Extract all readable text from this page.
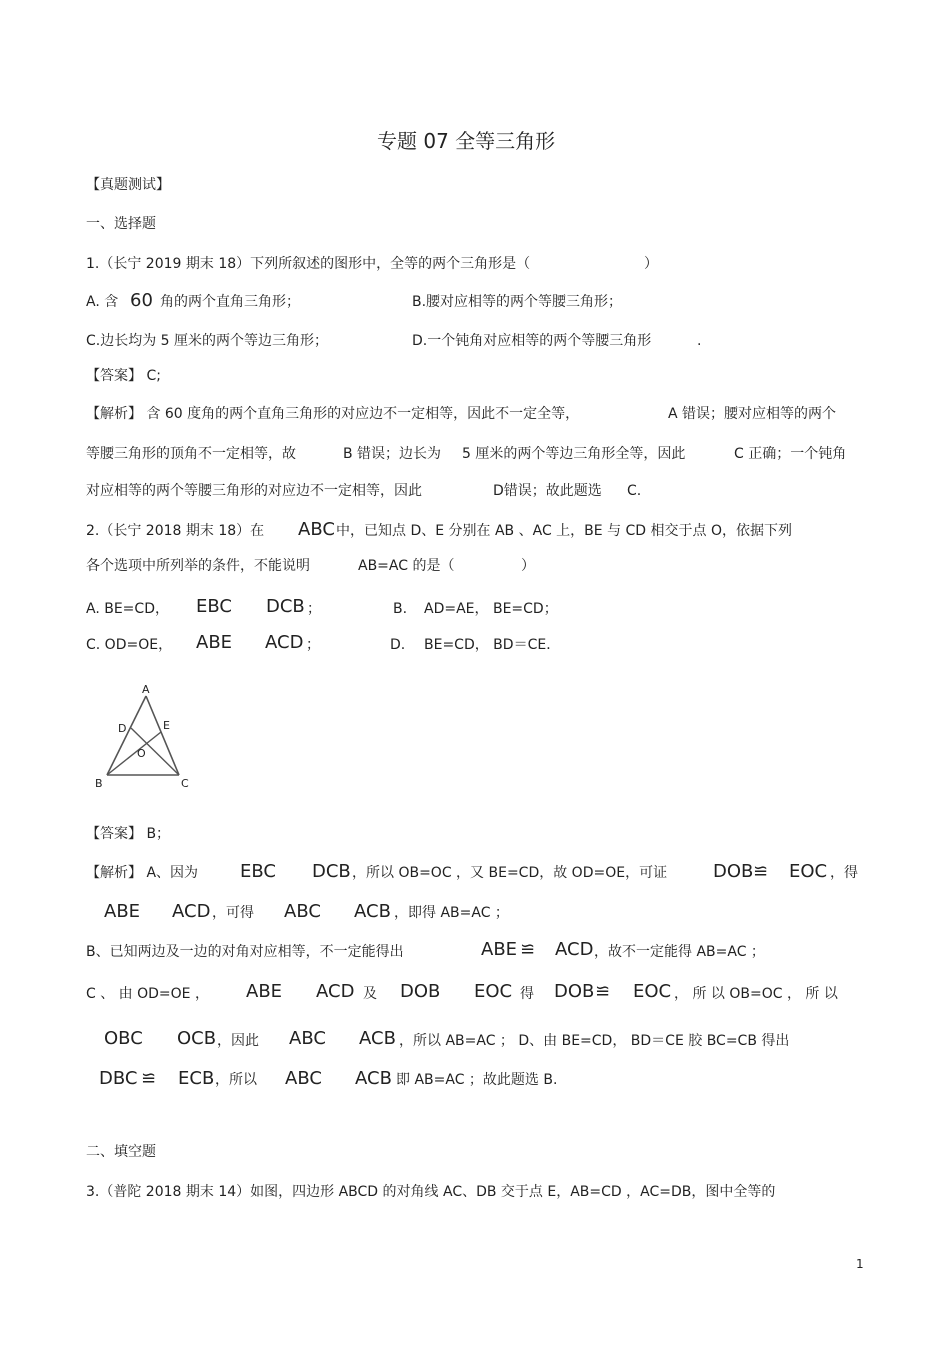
专题 07 全等三角形
【真题测试】
一、选择题
1.（长宁 2019 期末 18）下列所叙述的图形中，全等的两个三角形是（	）
A. 含 60 角的两个直角三角形；	B.腰对应相等的两个等腰三角形；
C.边长均为 5 厘米的两个等边三角形；	D.一个钝角对应相等的两个等腰三角形	.
【答案】 C;
【解析】 含 60 度角的两个直角三角形的对应边不一定相等，因此不一定全等，	A 错误；腰对应相等的两个
等腰三角形的顶角不一定相等，故	B 错误；边长为 5 厘米的两个等边三角形全等，因此	C 正确；一个钝角
对应相等的两个等腰三角形的对应边不一定相等，因此	D错误；故此题选 C.
2.（长宁 2018 期末 18）在 ABC 中，已知点 D、E 分别在 AB 、AC 上，BE 与 CD 相交于点 O，依据下列
各个选项中所列举的条件，不能说明	AB=AC 的是（	）
A. BE=CD， EBC DCB ；	B. AD=AE， BE=CD；
C. OD=OE， ABE ACD ；	D. BE=CD， BD＝CE．
A
D	E
O
B	C
【答案】 B；
【解析】 A、因为 EBC DCB ，所以 OB=OC ，又 BE=CD，故 OD=OE，可证	DOB ≌ EOC ，得
ABE ACD ，可得 ABC ACB ，即得 AB=AC ；
B、已知两边及一边的对角对应相等，不一定能得出	ABE ≌ ACD ，故不一定能得 AB=AC ；
C 、 由 OD=OE ， ABE ACD 及 DOB EOC 得 DOB ≌ EOC ， 所 以 OB=OC ， 所 以
OBC OCB ，因此 ABC ACB ，所以 AB=AC ； D、由 BE=CD， BD＝CE 胶 BC=CB 得出
DBC ≌ ECB ，所以 ABC ACB 即 AB=AC ；故此题选 B.
二、填空题
3.（普陀 2018 期末 14）如图，四边形 ABCD 的对角线 AC、DB 交于点 E，AB=CD ，AC=DB，图中全等的
1
